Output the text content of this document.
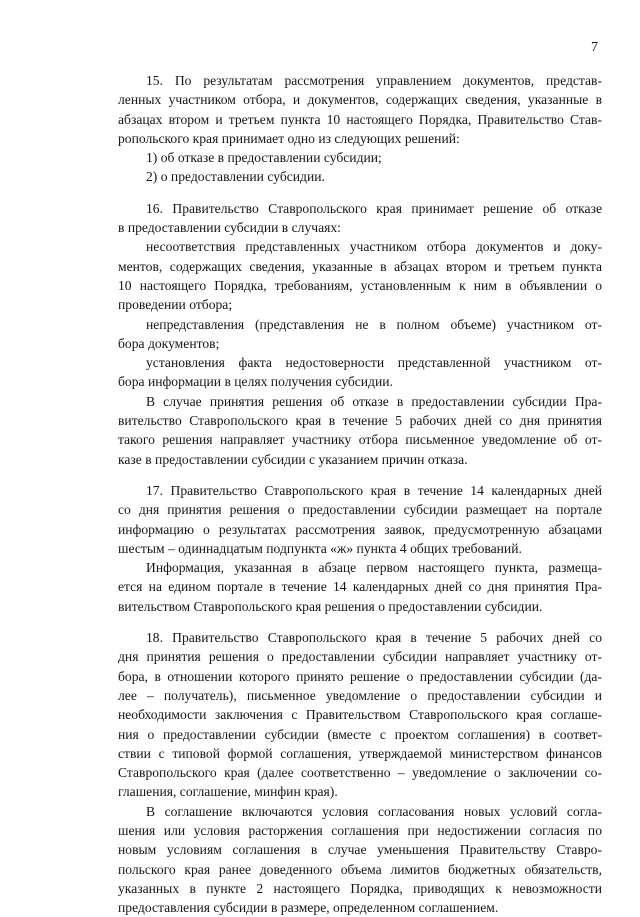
7

15. По результатам рассмотрения управлением документов, представ-
ленных участником отбора, и документов, содержащих сведения, указанные в
абзацах втором и третьем пункта 10 настоящего Порядка, Правительство Став-
ропольского края принимает одно из следующих решений:

1) об отказе в предоставлении субсидии;

2) о предоставлении субсидии.

16. Правительство Ставропольского края принимает решение об отказе
в предоставлении субсидии в случаях:

несоответствия представленных участником отбора документов и доку-
ментов, содержащих сведения, указанные в абзацах втором и третьем пункта
10 настоящего Порядка, требованиям, установленным к ним в объявлении о
проведении отбора;

непредставления (представления не в полном объеме) участником от-
бора документов;

установления факта недостоверности представленной участником от-
бора информации в целях получения субсидии.

В случае принятия решения об отказе в предоставлении субсидии Пра-
вительство Ставропольского края в течение 5 рабочих дней со дня принятия
такого решения направляет участнику отбора письменное уведомление об от-
казе в предоставлении субсидии с указанием причин отказа.

17. Правительство Ставропольского края в течение 14 календарных дней
со дня принятия решения о предоставлении субсидии размещает на портале
информацию о результатах рассмотрения заявок, предусмотренную абзацами
шестым – одиннадцатым подпункта «ж» пункта 4 общих требований.

Информация, указанная в абзаце первом настоящего пункта, размеща-
ется на едином портале в течение 14 календарных дней со дня принятия Пра-
вительством Ставропольского края решения о предоставлении субсидии.

18. Правительство Ставропольского края в течение 5 рабочих дней со
дня принятия решения о предоставлении субсидии направляет участнику от-
бора, в отношении которого принято решение о предоставлении субсидии (да-
лее – получатель), письменное уведомление о предоставлении субсидии и
необходимости заключения с Правительством Ставропольского края соглаше-
ния о предоставлении субсидии (вместе с проектом соглашения) в соответ-
ствии с типовой формой соглашения, утверждаемой министерством финансов
Ставропольского края (далее соответственно – уведомление о заключении со-
глашения, соглашение, минфин края).

В соглашение включаются условия согласования новых условий согла-
шения или условия расторжения соглашения при недостижении согласия по
новым условиям соглашения в случае уменьшения Правительству Ставро-
польского края ранее доведенного объема лимитов бюджетных обязательств,
указанных в пункте 2 настоящего Порядка, приводящих к невозможности
предоставления субсидии в размере, определенном соглашением.
